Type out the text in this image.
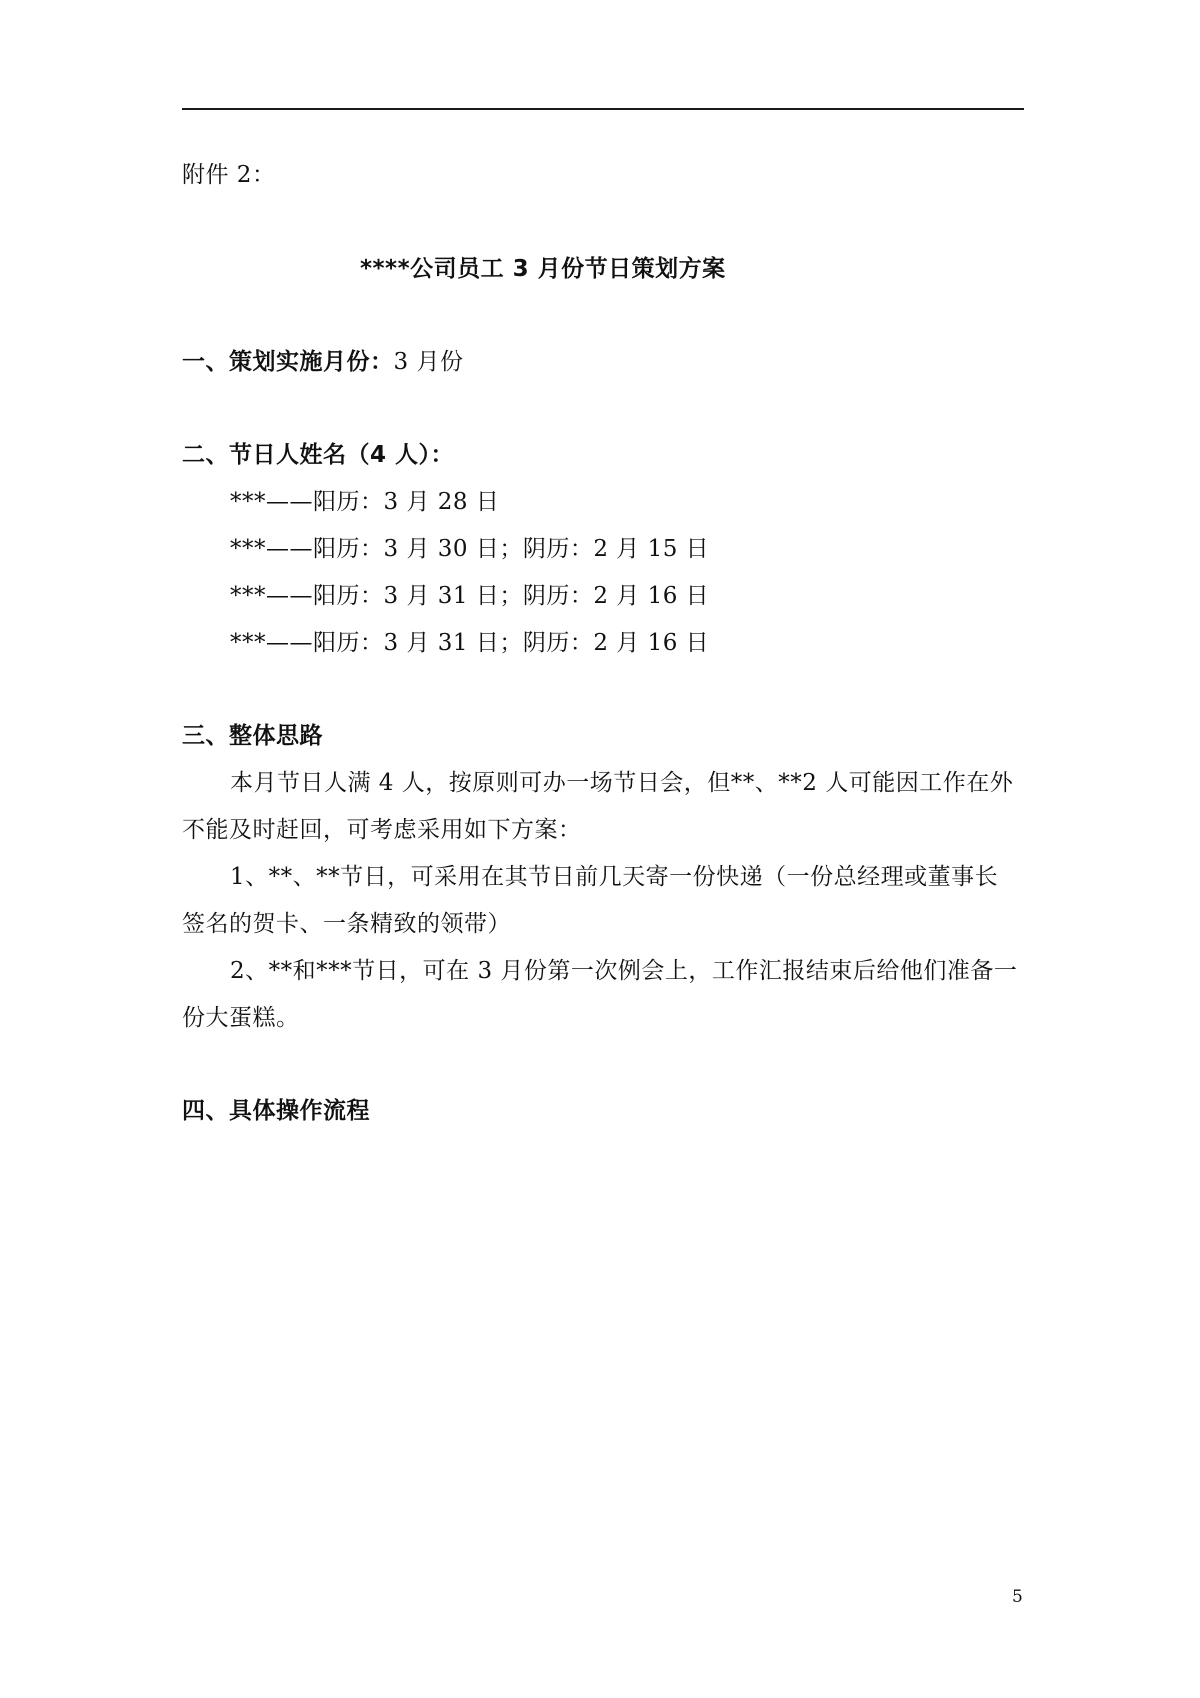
附件 2：
****公司员工 3 月份节日策划方案
一、策划实施月份：3 月份
二、节日人姓名（4 人）：
***——阳历：3 月 28 日
***——阳历：3 月 30 日；阴历：2 月 15 日
***——阳历：3 月 31 日；阴历：2 月 16 日
***——阳历：3 月 31 日；阴历：2 月 16 日
三、整体思路
本月节日人满 4 人，按原则可办一场节日会，但**、**2 人可能因工作在外
不能及时赶回，可考虑采用如下方案：
1、**、**节日，可采用在其节日前几天寄一份快递（一份总经理或董事长
签名的贺卡、一条精致的领带）
2、**和***节日，可在 3 月份第一次例会上，工作汇报结束后给他们准备一
份大蛋糕。
四、具体操作流程
5
